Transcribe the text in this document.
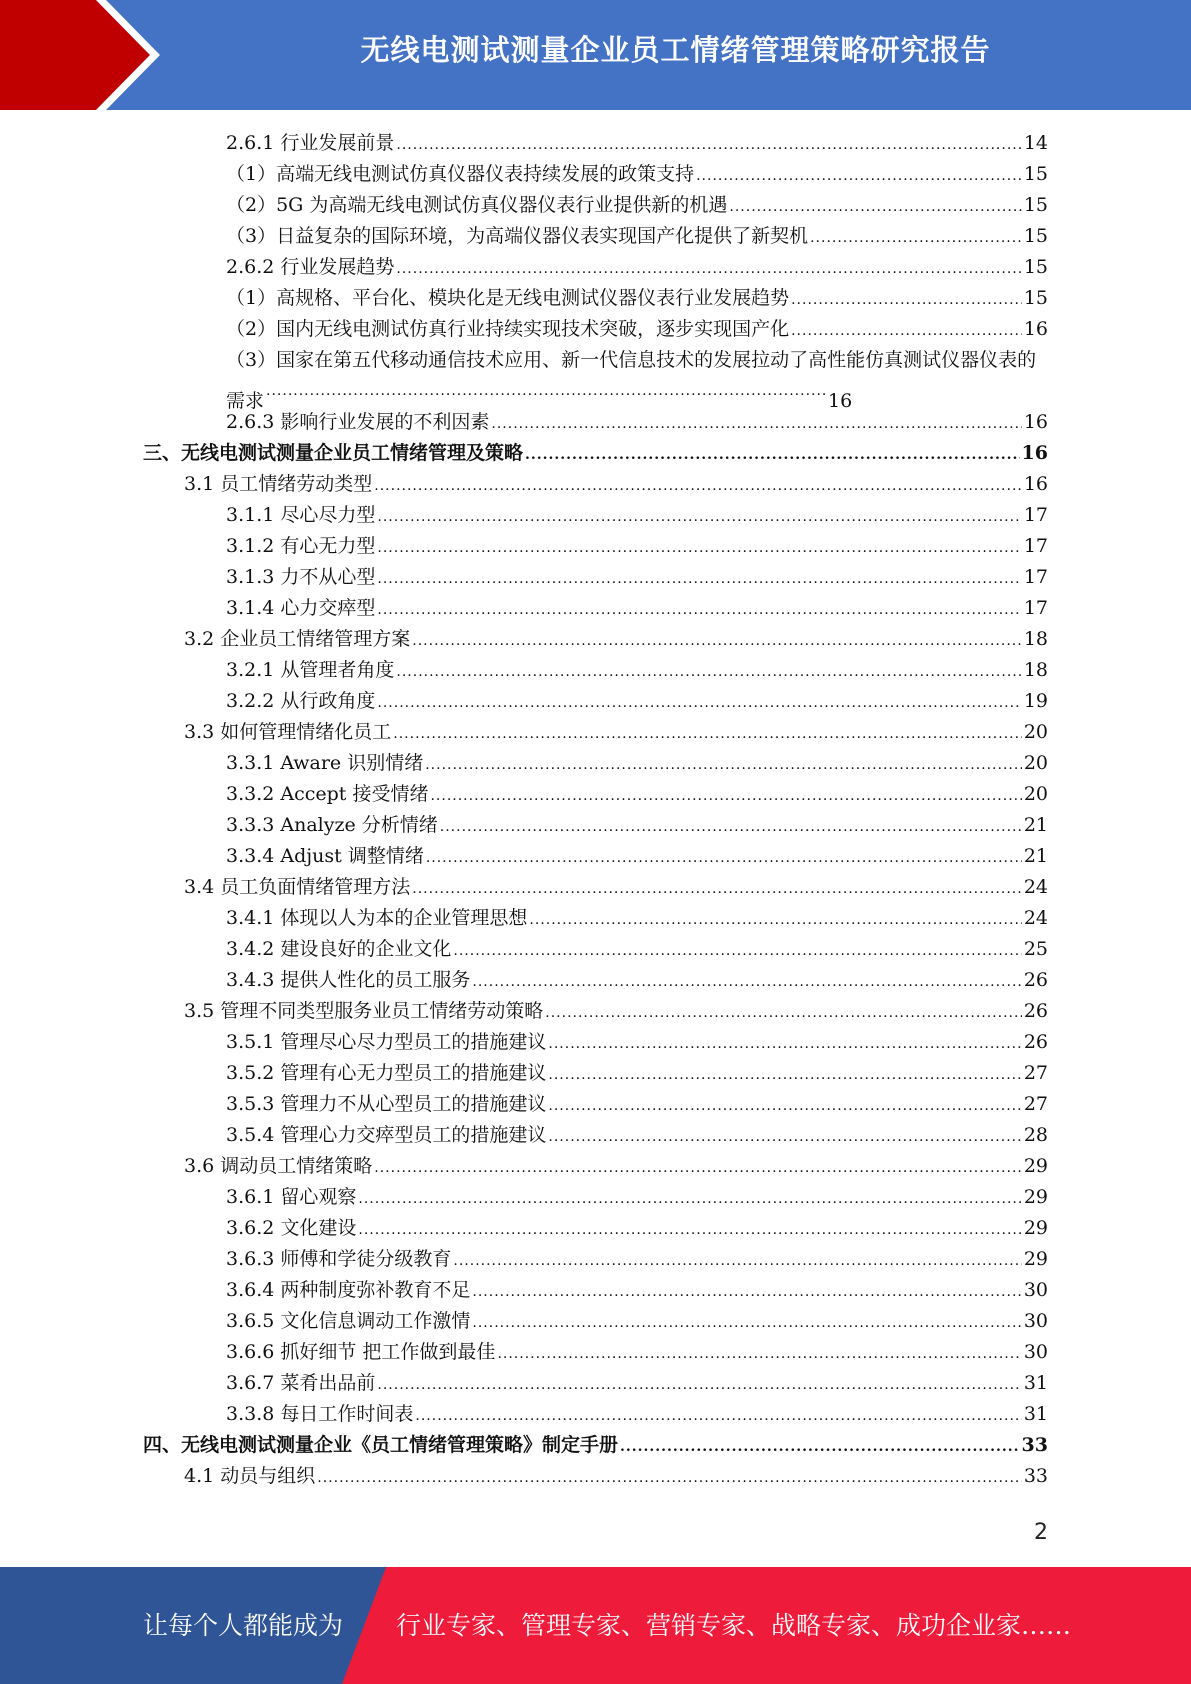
无线电测试测量企业员工情绪管理策略研究报告
2.6.1 行业发展前景 .....	14
（1）高端无线电测试仿真仪器仪表持续发展的政策支持 .....	15
（2）5G 为高端无线电测试仿真仪器仪表行业提供新的机遇 .....	15
（3）日益复杂的国际环境，为高端仪器仪表实现国产化提供了新契机 .....	15
2.6.2 行业发展趋势 .....	15
（1）高规格、平台化、模块化是无线电测试仪器仪表行业发展趋势 .....	15
（2）国内无线电测试仿真行业持续实现技术突破，逐步实现国产化 .....	16
（3）国家在第五代移动通信技术应用、新一代信息技术的发展拉动了高性能仿真测试仪器仪表的需求 .....	16
2.6.3 影响行业发展的不利因素 .....	16
三、无线电测试测量企业员工情绪管理及策略 .....	16
3.1 员工情绪劳动类型 .....	16
3.1.1 尽心尽力型 .....	17
3.1.2 有心无力型 .....	17
3.1.3 力不从心型 .....	17
3.1.4 心力交瘁型 .....	17
3.2 企业员工情绪管理方案 .....	18
3.2.1 从管理者角度 .....	18
3.2.2 从行政角度 .....	19
3.3 如何管理情绪化员工 .....	20
3.3.1 Aware 识别情绪 .....	20
3.3.2 Accept 接受情绪 .....	20
3.3.3 Analyze 分析情绪 .....	21
3.3.4 Adjust 调整情绪 .....	21
3.4 员工负面情绪管理方法 .....	24
3.4.1 体现以人为本的企业管理思想 .....	24
3.4.2 建设良好的企业文化 .....	25
3.4.3 提供人性化的员工服务 .....	26
3.5 管理不同类型服务业员工情绪劳动策略 .....	26
3.5.1 管理尽心尽力型员工的措施建议 .....	26
3.5.2 管理有心无力型员工的措施建议 .....	27
3.5.3 管理力不从心型员工的措施建议 .....	27
3.5.4 管理心力交瘁型员工的措施建议 .....	28
3.6 调动员工情绪策略 .....	29
3.6.1 留心观察 .....	29
3.6.2 文化建设 .....	29
3.6.3 师傅和学徒分级教育 .....	29
3.6.4 两种制度弥补教育不足 .....	30
3.6.5 文化信息调动工作激情 .....	30
3.6.6 抓好细节 把工作做到最佳 .....	30
3.6.7 菜肴出品前 .....	31
3.3.8 每日工作时间表 .....	31
四、无线电测试测量企业《员工情绪管理策略》制定手册 .....	33
4.1 动员与组织 .....	33
2
让每个人都能成为 行业专家、管理专家、营销专家、战略专家、成功企业家……
